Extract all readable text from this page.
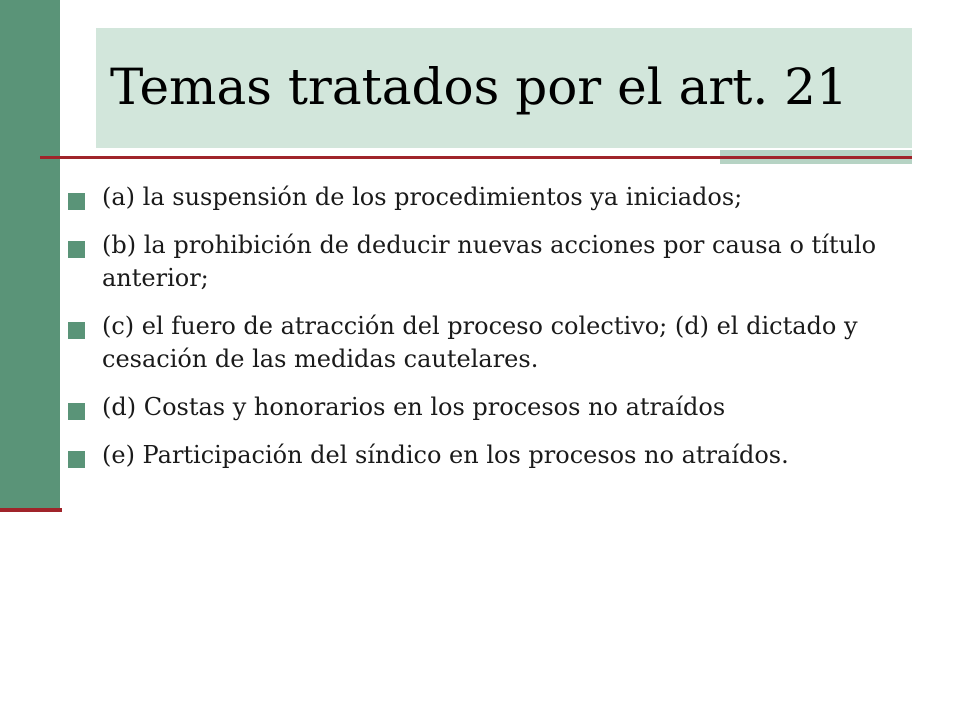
Temas tratados por el art. 21
(a) la suspensión de los procedimientos ya iniciados;
(b) la prohibición de deducir nuevas acciones por causa o título anterior;
(c) el fuero de atracción del proceso colectivo; (d) el dictado y cesación de las medidas cautelares.
(d) Costas y honorarios en los procesos no atraídos
(e) Participación del síndico en los procesos no atraídos.
